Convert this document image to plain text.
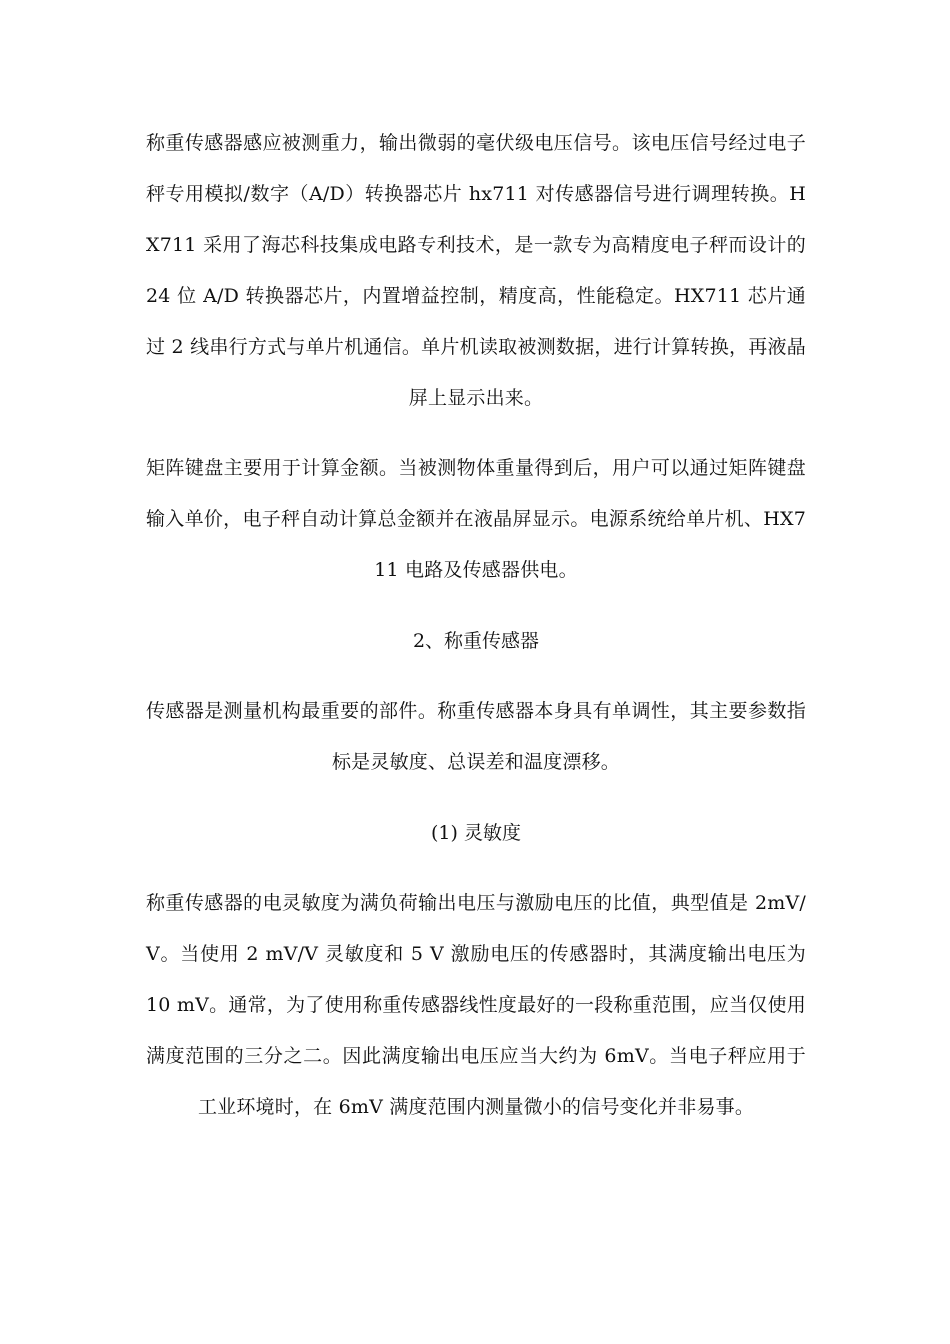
称重传感器感应被测重力，输出微弱的毫伏级电压信号。该电压信号经过电子秤专用模拟/数字（A/D）转换器芯片 hx711 对传感器信号进行调理转换。HX711 采用了海芯科技集成电路专利技术，是一款专为高精度电子秤而设计的 24 位 A/D 转换器芯片，内置增益控制，精度高，性能稳定。HX711 芯片通过 2 线串行方式与单片机通信。单片机读取被测数据，进行计算转换，再液晶屏上显示出来。

矩阵键盘主要用于计算金额。当被测物体重量得到后，用户可以通过矩阵键盘输入单价，电子秤自动计算总金额并在液晶屏显示。电源系统给单片机、HX711 电路及传感器供电。

2、称重传感器

传感器是测量机构最重要的部件。称重传感器本身具有单调性，其主要参数指标是灵敏度、总误差和温度漂移。

(1) 灵敏度

称重传感器的电灵敏度为满负荷输出电压与激励电压的比值，典型值是 2mV/V。当使用 2 mV/V 灵敏度和 5 V 激励电压的传感器时，其满度输出电压为 10 mV。通常，为了使用称重传感器线性度最好的一段称重范围，应当仅使用满度范围的三分之二。因此满度输出电压应当大约为 6mV。当电子秤应用于工业环境时，在 6mV 满度范围内测量微小的信号变化并非易事。
